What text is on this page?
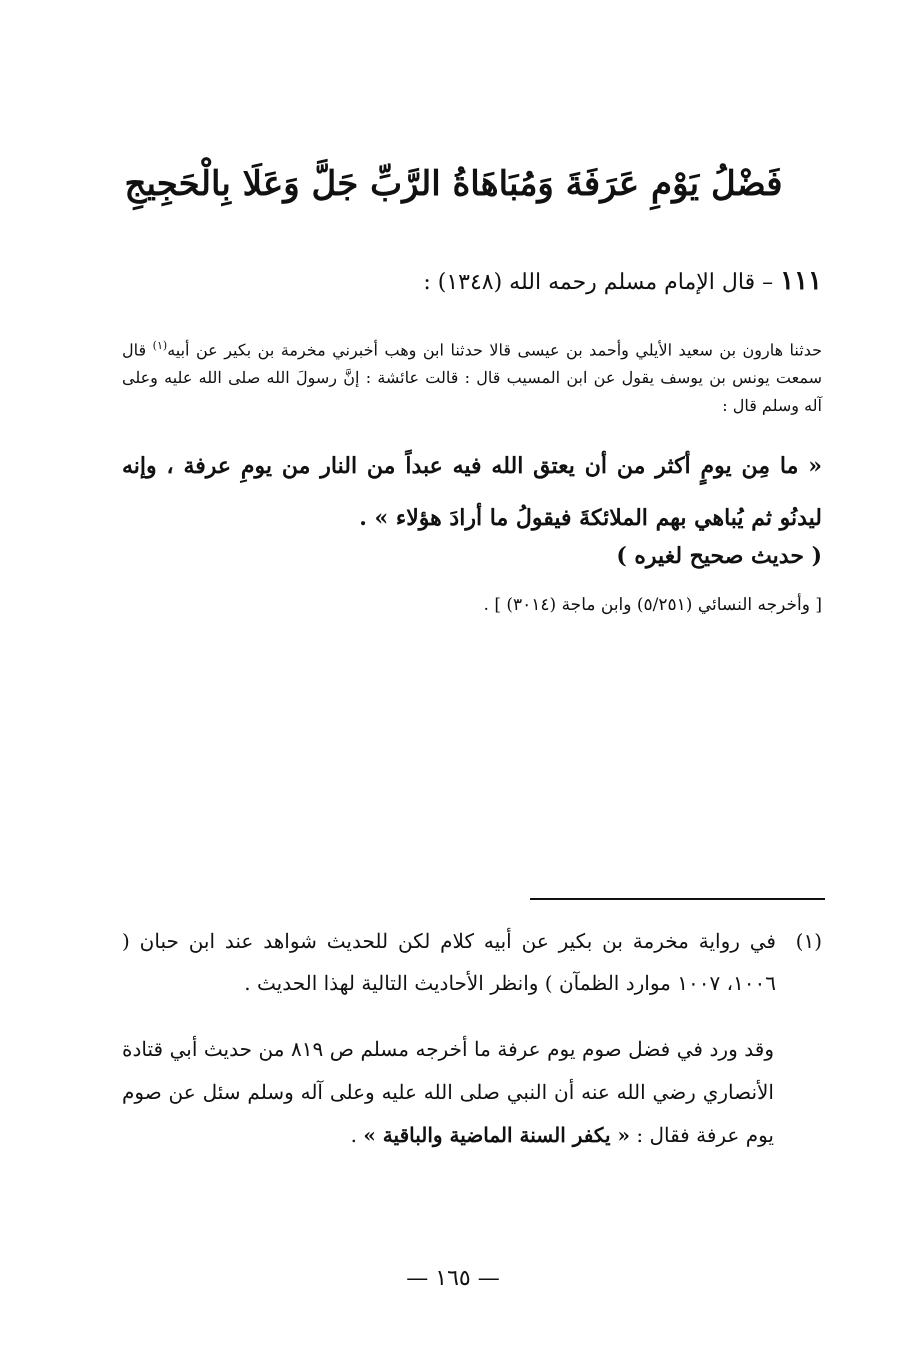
فَضْلُ يَوْمِ عَرَفَةَ وَمُبَاهَاةُ الرَّبِّ جَلَّ وَعَلَا بِالْحَجِيجِ
١١١ – قال الإمام مسلم رحمه الله (١٣٤٨) :
حدثنا هارون بن سعيد الأيلي وأحمد بن عيسى قالا حدثنا ابن وهب أخبرني مخرمة بن بكير عن أبيه$^{(١)}$ قال سمعت يونس بن يوسف يقول عن ابن المسيب قال : قالت عائشة : إنَّ رسولَ الله صلى الله عليه وعلى آله وسلم قال :
« ما مِن يومٍ أكثر من أن يعتق الله فيه عبداً من النار من يومِ عرفة ، وإنه ليدنُو ثم يُباهي بهم الملائكةَ فيقولُ ما أرادَ هؤلاء » .
( حديث صحيح لغيره )
[ وأخرجه النسائي (٥/٢٥١) وابن ماجة (٣٠١٤) ] .
(١)
في رواية مخرمة بن بكير عن أبيه كلام لكن للحديث شواهد عند ابن حبان ( ١٠٠٦، ١٠٠٧ موارد الظمآن ) وانظر الأحاديث التالية لهذا الحديث .
وقد ورد في فضل صوم يوم عرفة ما أخرجه مسلم ص ٨١٩ من حديث أبي قتادة الأنصاري رضي الله عنه أن النبي صلى الله عليه وعلى آله وسلم سئل عن صوم يوم عرفة فقال : « يكفر السنة الماضية والباقية » .
— ١٦٥ —
